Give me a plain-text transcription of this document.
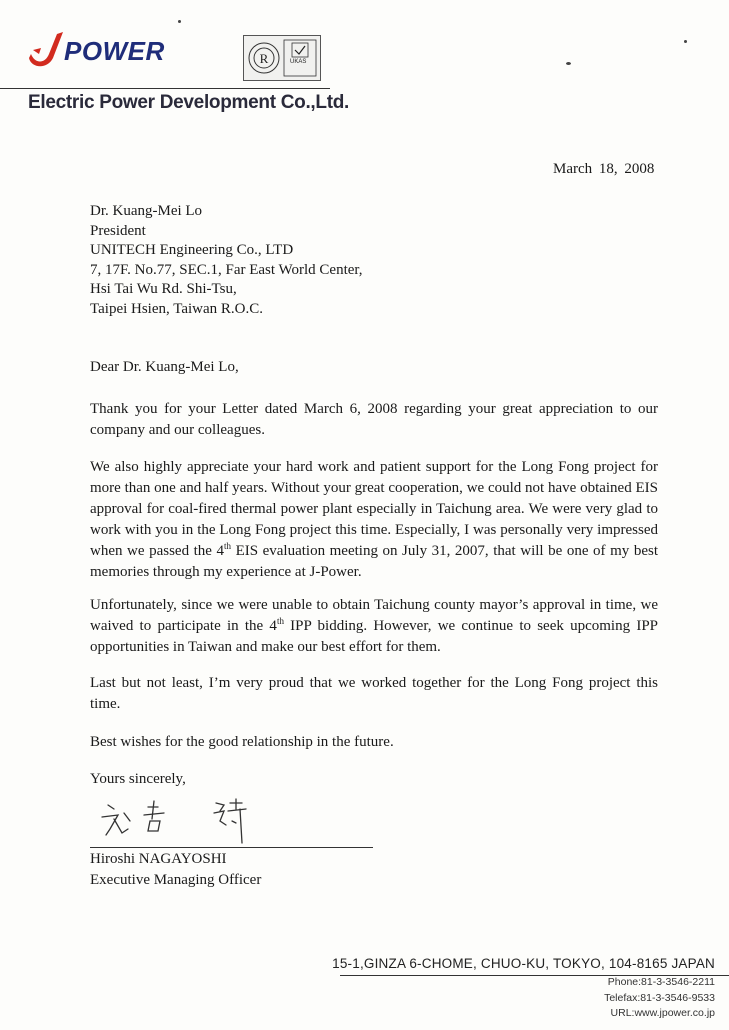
POWER	R	UKAS
Electric Power Development Co.,Ltd.
March 18, 2008
Dr. Kuang-Mei Lo
President
UNITECH Engineering Co., LTD
7, 17F. No.77, SEC.1, Far East World Center,
Hsi Tai Wu Rd. Shi-Tsu,
Taipei Hsien, Taiwan R.O.C.
Dear Dr. Kuang-Mei Lo,
Thank you for your Letter dated March 6, 2008 regarding your great appreciation to our company and our colleagues.
We also highly appreciate your hard work and patient support for the Long Fong project for more than one and half years. Without your great cooperation, we could not have obtained EIS approval for coal-fired thermal power plant especially in Taichung area. We were very glad to work with you in the Long Fong project this time. Especially, I was personally very impressed when we passed the 4th EIS evaluation meeting on July 31, 2007, that will be one of my best memories through my experience at J-Power.
Unfortunately, since we were unable to obtain Taichung county mayor’s approval in time, we waived to participate in the 4th IPP bidding. However, we continue to seek upcoming IPP opportunities in Taiwan and make our best effort for them.
Last but not least, I’m very proud that we worked together for the Long Fong project this time.
Best wishes for the good relationship in the future.
Yours sincerely,
Hiroshi NAGAYOSHI
Executive Managing Officer
15-1,GINZA 6-CHOME, CHUO-KU, TOKYO, 104-8165 JAPAN
Phone:81-3-3546-2211
Telefax:81-3-3546-9533
URL:www.jpower.co.jp
